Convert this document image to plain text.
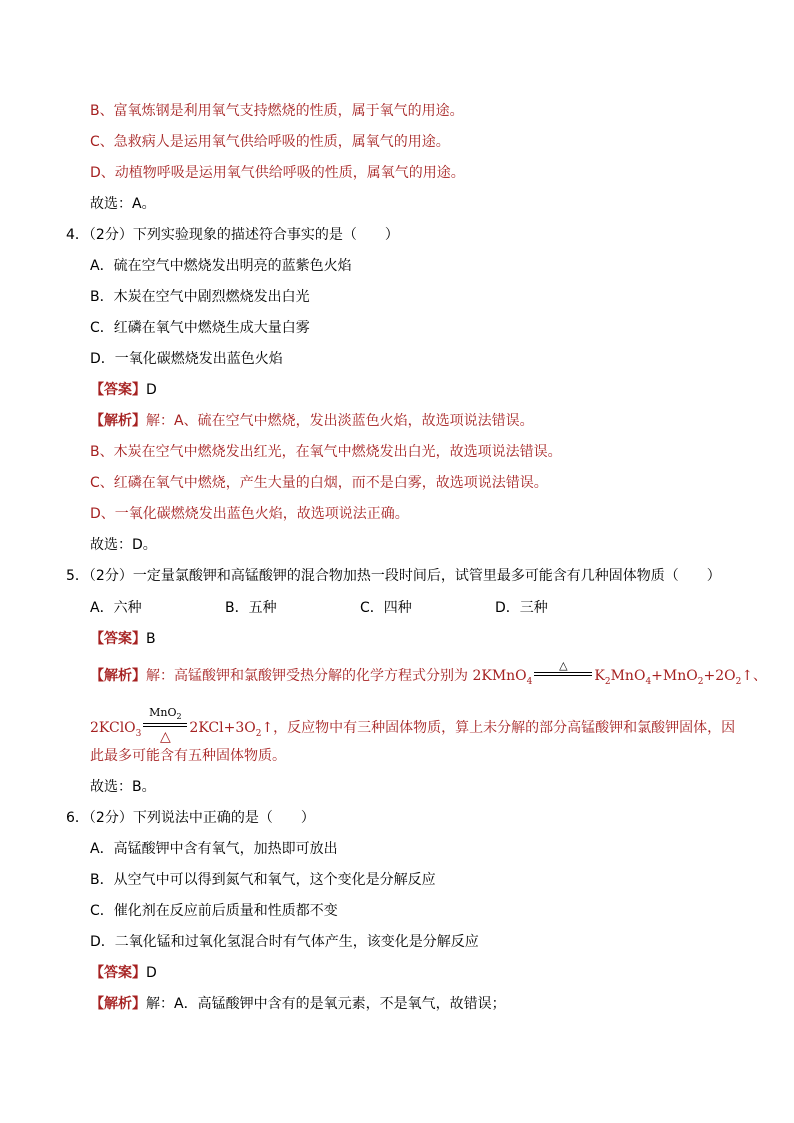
B、富氧炼钢是利用氧气支持燃烧的性质，属于氧气的用途。
C、急救病人是运用氧气供给呼吸的性质，属氧气的用途。
D、动植物呼吸是运用氧气供给呼吸的性质，属氧气的用途。
故选：A。
4．（2分）下列实验现象的描述符合事实的是（　　）
A．硫在空气中燃烧发出明亮的蓝紫色火焰
B．木炭在空气中剧烈燃烧发出白光
C．红磷在氧气中燃烧生成大量白雾
D．一氧化碳燃烧发出蓝色火焰
【答案】D
【解析】解：A、硫在空气中燃烧，发出淡蓝色火焰，故选项说法错误。
B、木炭在空气中燃烧发出红光，在氧气中燃烧发出白光，故选项说法错误。
C、红磷在氧气中燃烧，产生大量的白烟，而不是白雾，故选项说法错误。
D、一氧化碳燃烧发出蓝色火焰，故选项说法正确。
故选：D。
5．（2分）一定量氯酸钾和高锰酸钾的混合物加热一段时间后，试管里最多可能含有几种固体物质（　　）
A．六种	B．五种	C．四种	D．三种
【答案】B
【解析】解：高锰酸钾和氯酸钾受热分解的化学方程式分别为 2KMnO$_4$
△
$K_2MnO_4+MnO_2+2O_2↑$、
2KClO$_3$
MnO$_2$
△
$2KCl+3O_2↑$，反应物中有三种固体物质，算上未分解的部分高锰酸钾和氯酸钾固体，因
此最多可能含有五种固体物质。
故选：B。
6．（2分）下列说法中正确的是（　　）
A．高锰酸钾中含有氧气，加热即可放出
B．从空气中可以得到氮气和氧气，这个变化是分解反应
C．催化剂在反应前后质量和性质都不变
D．二氧化锰和过氧化氢混合时有气体产生，该变化是分解反应
【答案】D
【解析】解：A．高锰酸钾中含有的是氧元素，不是氧气，故错误；
